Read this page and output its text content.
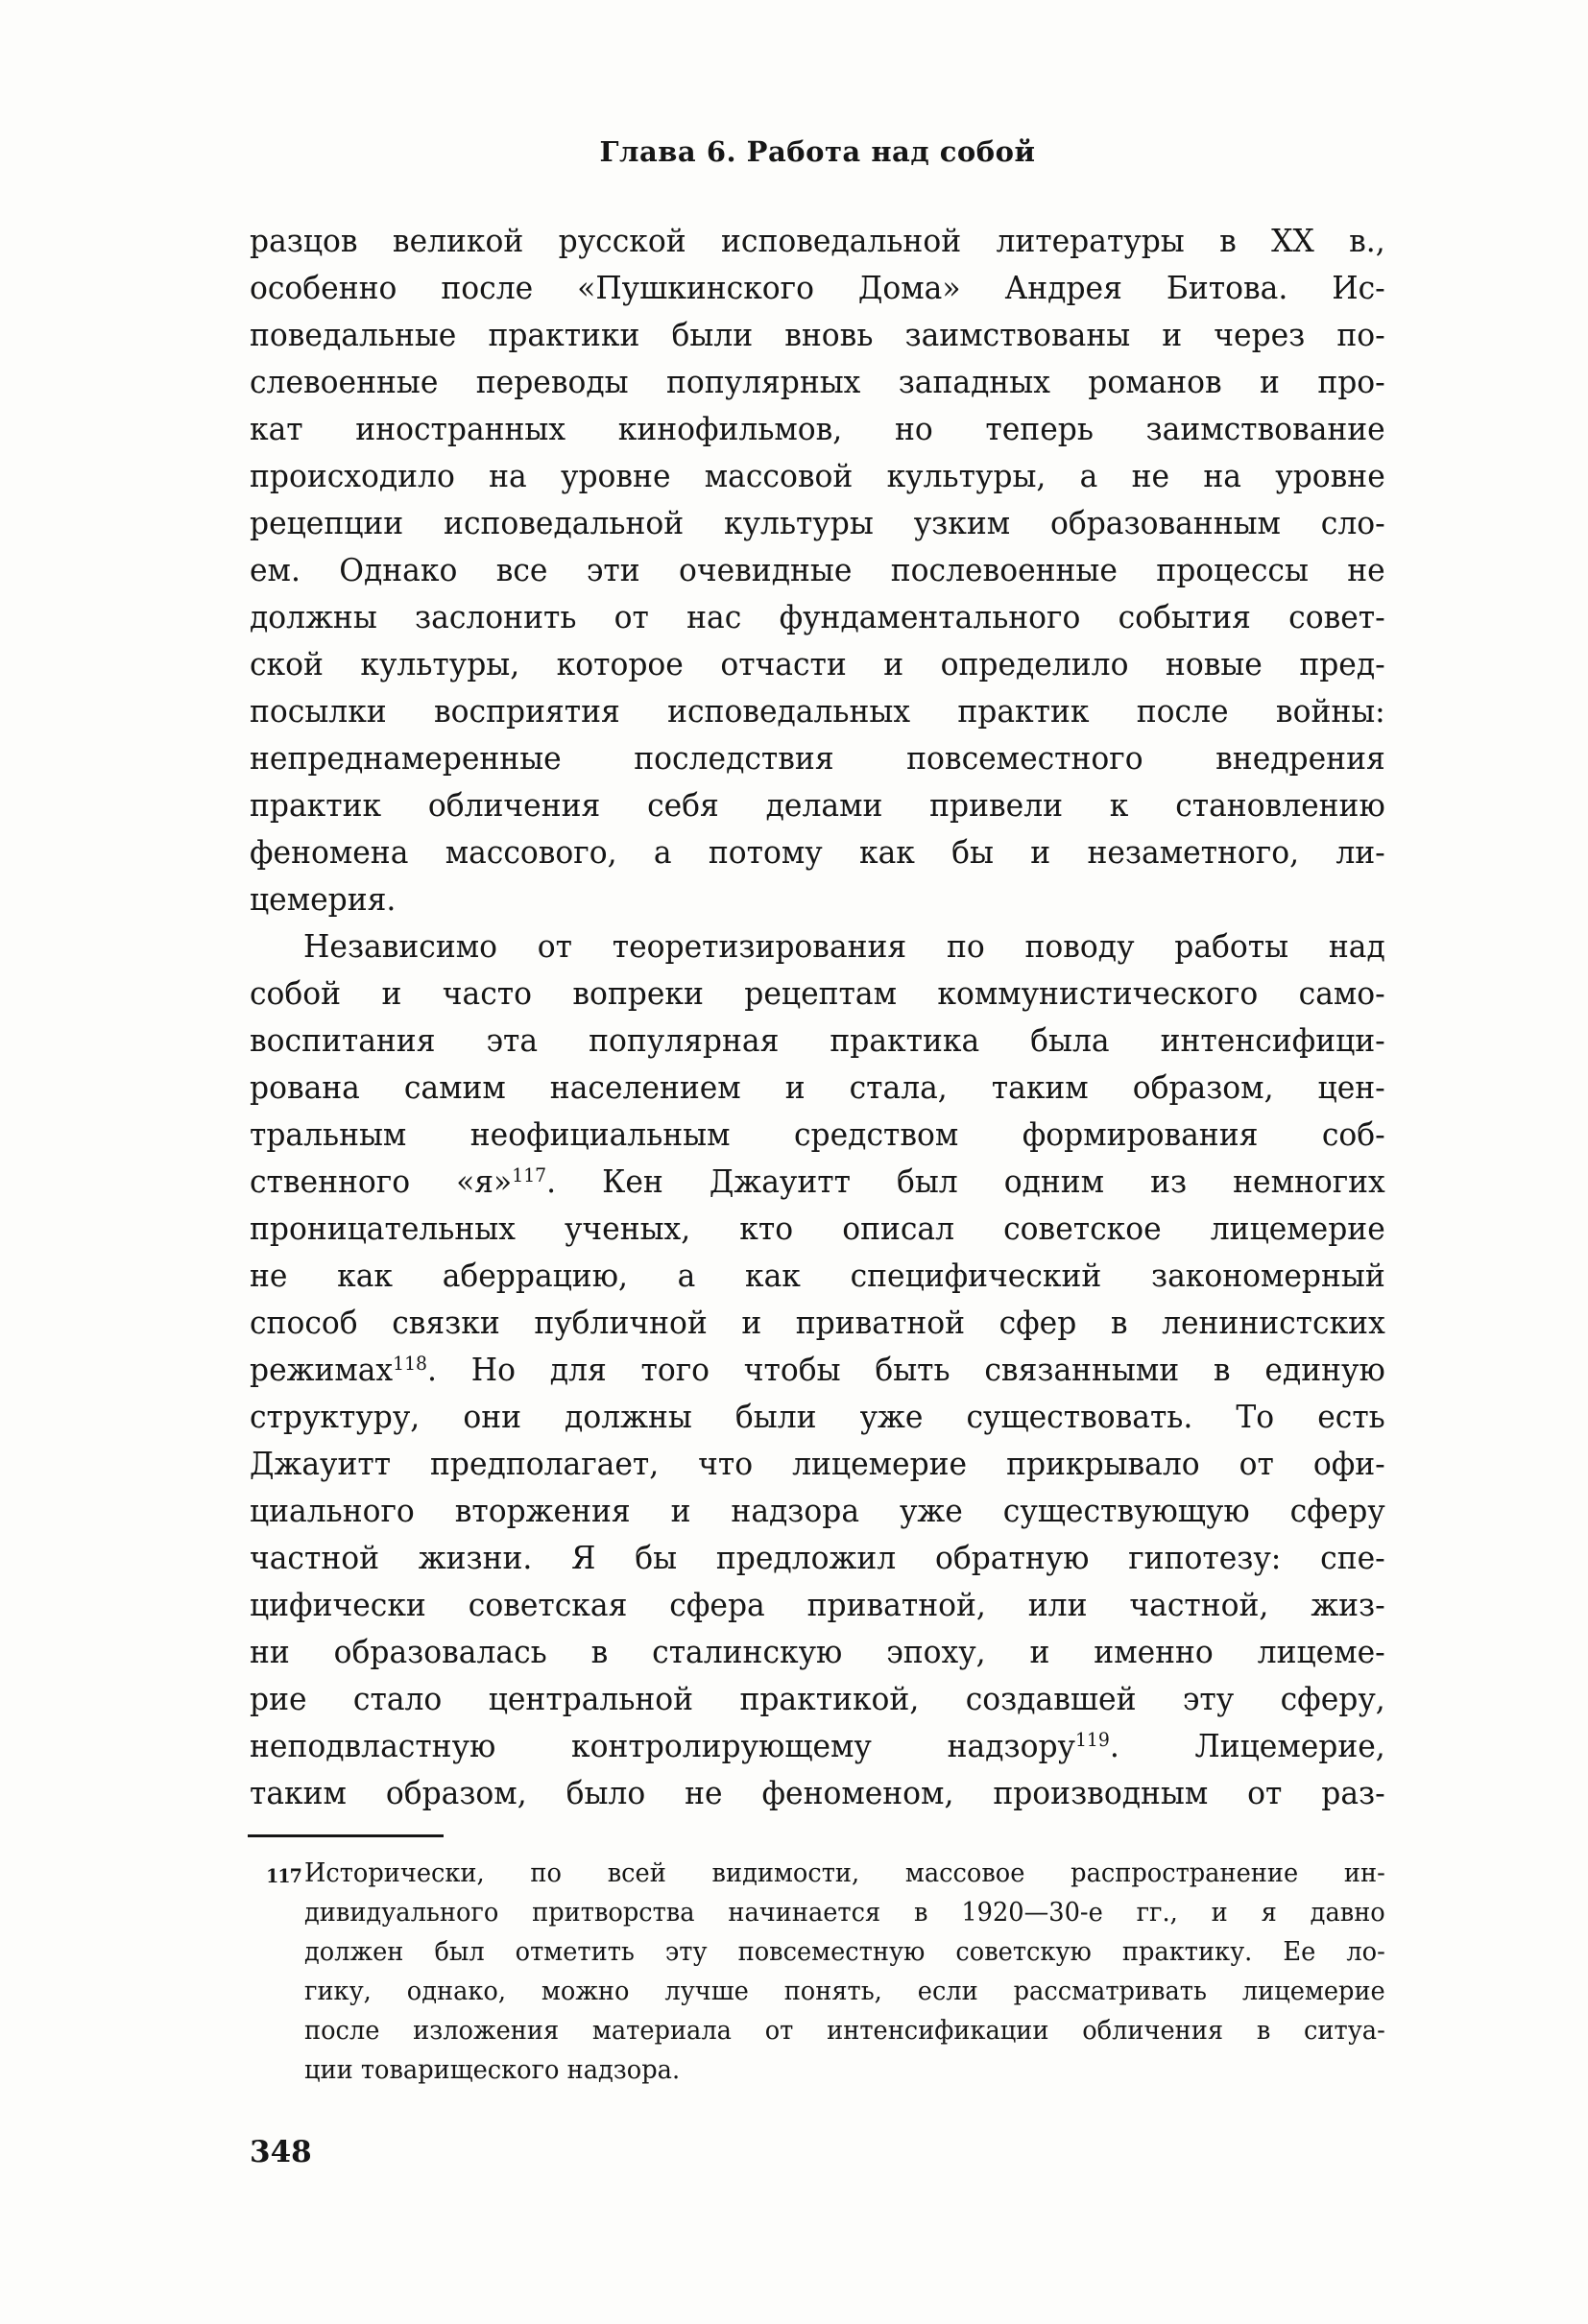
Глава 6. Работа над собой
разцов великой русской исповедальной литературы в XX в.,
особенно после «Пушкинского Дома» Андрея Битова. Ис-
поведальные практики были вновь заимствованы и через по-
слевоенные переводы популярных западных романов и про-
кат иностранных кинофильмов, но теперь заимствование
происходило на уровне массовой культуры, а не на уровне
рецепции исповедальной культуры узким образованным сло-
ем. Однако все эти очевидные послевоенные процессы не
должны заслонить от нас фундаментального события совет-
ской культуры, которое отчасти и определило новые пред-
посылки восприятия исповедальных практик после войны:
непреднамеренные последствия повсеместного внедрения
практик обличения себя делами привели к становлению
феномена массового, а потому как бы и незаметного, ли-
цемерия.
Независимо от теоретизирования по поводу работы над
собой и часто вопреки рецептам коммунистического само-
воспитания эта популярная практика была интенсифици-
рована самим населением и стала, таким образом, цен-
тральным неофициальным средством формирования соб-
ственного «я»$^{117}$. Кен Джауитт был одним из немногих
проницательных ученых, кто описал советское лицемерие
не как аберрацию, а как специфический закономерный
способ связки публичной и приватной сфер в ленинистских
режимах$^{118}$. Но для того чтобы быть связанными в единую
структуру, они должны были уже существовать. То есть
Джауитт предполагает, что лицемерие прикрывало от офи-
циального вторжения и надзора уже существующую сферу
частной жизни. Я бы предложил обратную гипотезу: спе-
цифически советская сфера приватной, или частной, жиз-
ни образовалась в сталинскую эпоху, и именно лицеме-
рие стало центральной практикой, создавшей эту сферу,
неподвластную контролирующему надзору$^{119}$. Лицемерие,
таким образом, было не феноменом, производным от раз-
117 Исторически, по всей видимости, массовое распространение ин-
дивидуального притворства начинается в 1920—30-е гг., и я давно
должен был отметить эту повсеместную советскую практику. Ее ло-
гику, однако, можно лучше понять, если рассматривать лицемерие
после изложения материала от интенсификации обличения в ситуа-
ции товарищеского надзора.
348
